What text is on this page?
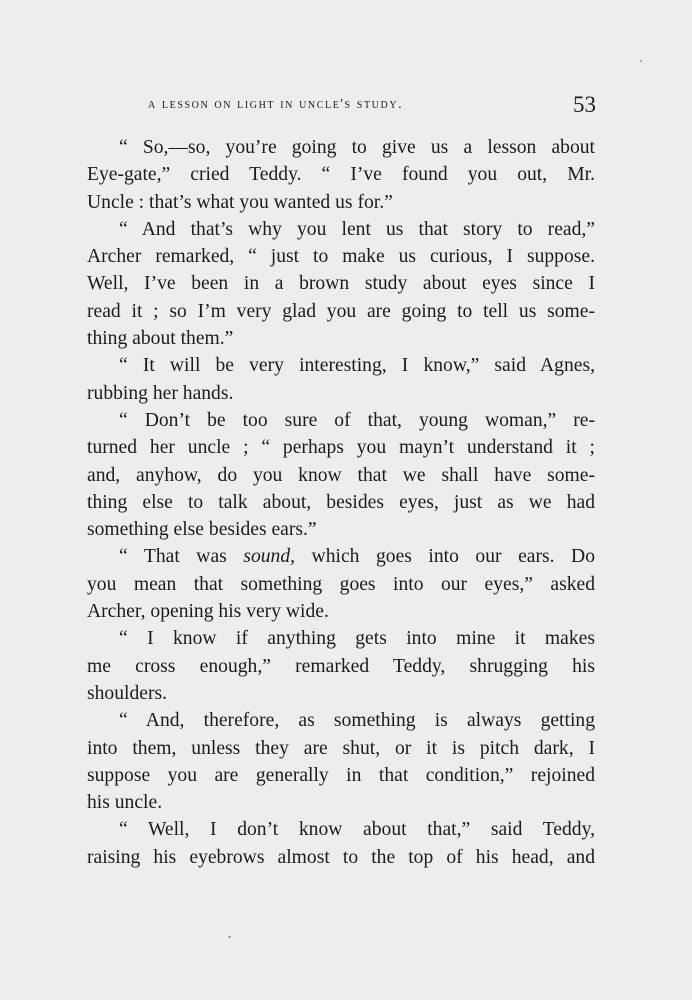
a lesson on light in uncle's study.	53
“ So,—so, you’re going to give us a lesson about
Eye-gate,” cried Teddy. “ I’ve found you out, Mr.
Uncle : that’s what you wanted us for.”
“ And that’s why you lent us that story to read,”
Archer remarked, “ just to make us curious, I suppose.
Well, I’ve been in a brown study about eyes since I
read it ; so I’m very glad you are going to tell us some-
thing about them.”
“ It will be very interesting, I know,” said Agnes,
rubbing her hands.
“ Don’t be too sure of that, young woman,” re-
turned her uncle ; “ perhaps you mayn’t understand it ;
and, anyhow, do you know that we shall have some-
thing else to talk about, besides eyes, just as we had
something else besides ears.”
“ That was sound, which goes into our ears. Do
you mean that something goes into our eyes,” asked
Archer, opening his very wide.
“ I know if anything gets into mine it makes
me cross enough,” remarked Teddy, shrugging his
shoulders.
“ And, therefore, as something is always getting
into them, unless they are shut, or it is pitch dark, I
suppose you are generally in that condition,” rejoined
his uncle.
“ Well, I don’t know about that,” said Teddy,
raising his eyebrows almost to the top of his head, and
